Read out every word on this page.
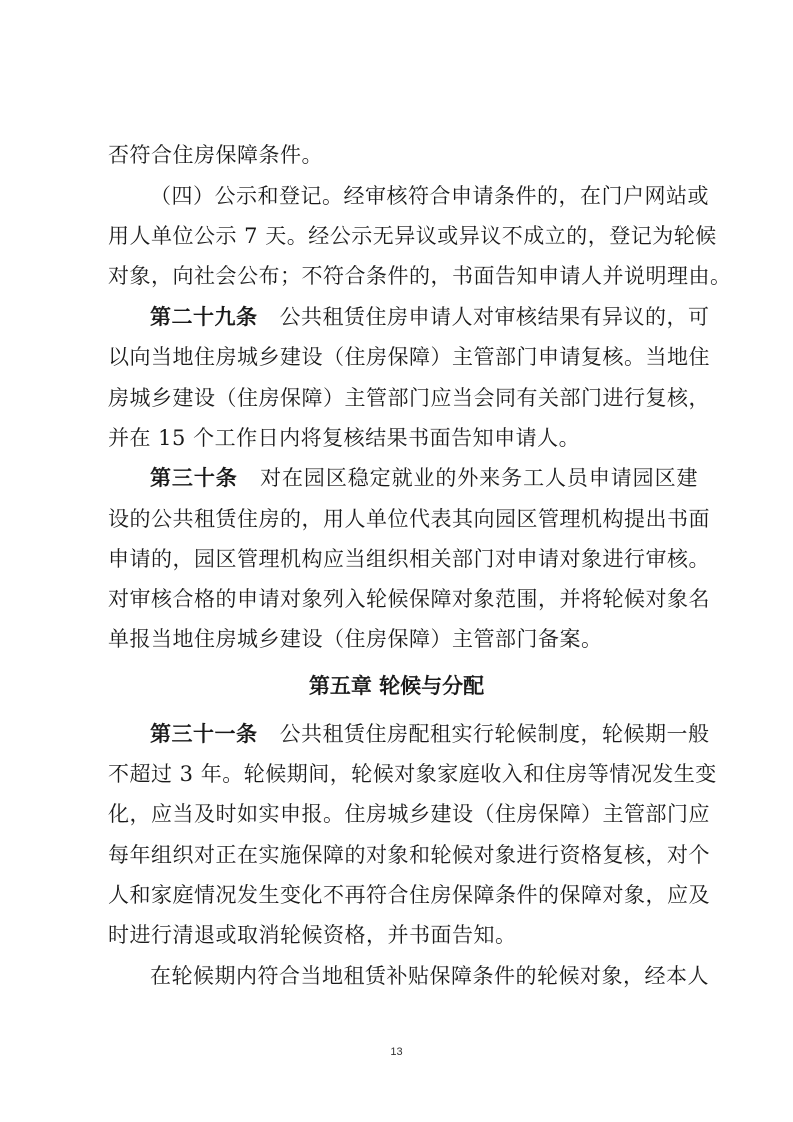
否符合住房保障条件。
（四）公示和登记。经审核符合申请条件的，在门户网站或
用人单位公示 7 天。经公示无异议或异议不成立的，登记为轮候
对象，向社会公布；不符合条件的，书面告知申请人并说明理由。
第二十九条 公共租赁住房申请人对审核结果有异议的，可
以向当地住房城乡建设（住房保障）主管部门申请复核。当地住
房城乡建设（住房保障）主管部门应当会同有关部门进行复核，
并在 15 个工作日内将复核结果书面告知申请人。
第三十条 对在园区稳定就业的外来务工人员申请园区建
设的公共租赁住房的，用人单位代表其向园区管理机构提出书面
申请的，园区管理机构应当组织相关部门对申请对象进行审核。
对审核合格的申请对象列入轮候保障对象范围，并将轮候对象名
单报当地住房城乡建设（住房保障）主管部门备案。
第五章 轮候与分配
第三十一条 公共租赁住房配租实行轮候制度，轮候期一般
不超过 3 年。轮候期间，轮候对象家庭收入和住房等情况发生变
化，应当及时如实申报。住房城乡建设（住房保障）主管部门应
每年组织对正在实施保障的对象和轮候对象进行资格复核，对个
人和家庭情况发生变化不再符合住房保障条件的保障对象，应及
时进行清退或取消轮候资格，并书面告知。
在轮候期内符合当地租赁补贴保障条件的轮候对象，经本人
13
